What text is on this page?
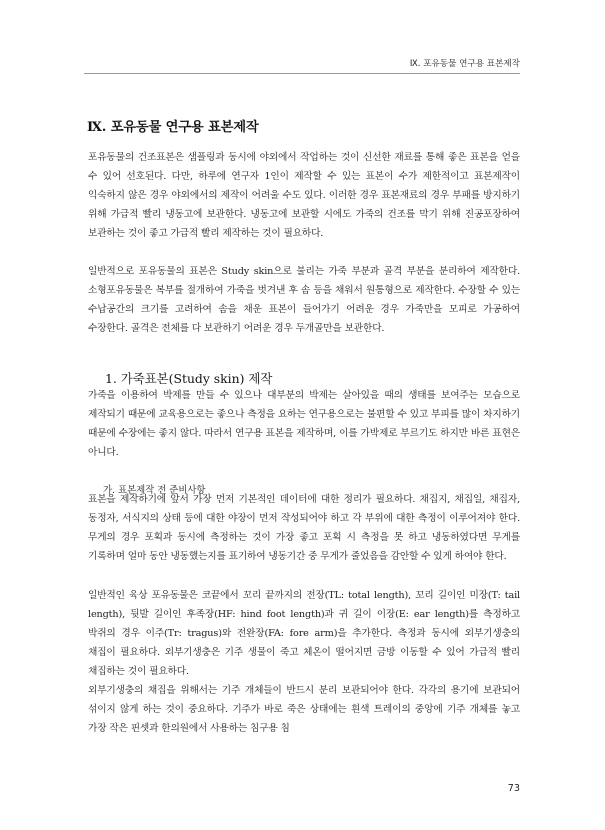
Ⅸ. 포유동물 연구용 표본제작
Ⅸ. 포유동물 연구용 표본제작

포유동물의 건조표본은 샘플링과 동시에 야외에서 작업하는 것이 신선한 재료를 통해 좋은 표본을 얻을 수 있어 선호된다. 다만, 하루에 연구자 1인이 제작할 수 있는 표본이 수가 제한적이고 표본제작이 익숙하지 않은 경우 야외에서의 제작이 어려울 수도 있다. 이러한 경우 표본재료의 경우 부패를 방지하기 위해 가급적 빨리 냉동고에 보관한다. 냉동고에 보관할 시에도 가죽의 건조를 막기 위해 진공포장하여 보관하는 것이 좋고 가급적 빨리 제작하는 것이 필요하다.

일반적으로 포유동물의 표본은 Study skin으로 불리는 가죽 부분과 골격 부분을 분리하여 제작한다. 소형포유동물은 복부를 절개하여 가죽을 벗겨낸 후 솜 등을 채워서 원통형으로 제작한다. 수장할 수 있는 수납공간의 크기를 고려하여 솜을 채운 표본이 들어가기 어려운 경우 가죽만을 모피로 가공하여 수장한다. 골격은 전체를 다 보관하기 어려운 경우 두개골만을 보관한다.

1. 가죽표본(Study skin) 제작

가죽을 이용하여 박제를 만들 수 있으나 대부분의 박제는 살아있을 때의 생태를 보여주는 모습으로 제작되기 때문에 교육용으로는 좋으나 측정을 요하는 연구용으로는 불편할 수 있고 부피를 많이 차지하기 때문에 수장에는 좋지 않다. 따라서 연구용 표본을 제작하며, 이를 가박제로 부르기도 하지만 바른 표현은 아니다.

가. 표본제작 전 준비사항

표본을 제작하기에 앞서 가장 먼저 기본적인 데이터에 대한 정리가 필요하다. 채집지, 채집일, 채집자, 동정자, 서식지의 상태 등에 대한 야장이 먼저 작성되어야 하고 각 부위에 대한 측정이 이루어져야 한다. 무게의 경우 포획과 동시에 측정하는 것이 가장 좋고 포획 시 측정을 못 하고 냉동하였다면 무게를 기록하며 얼마 동안 냉동했는지를 표기하여 냉동기간 중 무게가 줄었음을 감안할 수 있게 하여야 한다.

일반적인 육상 포유동물은 코끝에서 꼬리 끝까지의 전장(TL: total length), 꼬리 길이인 미장(T: tail length), 뒷발 길이인 후족장(HF: hind foot length)과 귀 길이 이장(E: ear length)를 측정하고 박쥐의 경우 이주(Tr: tragus)와 전완장(FA: fore arm)을 추가한다. 측정과 동시에 외부기생충의 채집이 필요하다. 외부기생충은 기주 생물이 죽고 체온이 떨어지면 금방 이동할 수 있어 가급적 빨리 채집하는 것이 필요하다.

외부기생충의 채집을 위해서는 기주 개체들이 반드시 분리 보관되어야 한다. 각각의 용기에 보관되어 섞이지 않게 하는 것이 중요하다. 기주가 바로 죽은 상태에는 흰색 트레이의 중앙에 기주 개체를 놓고 가장 작은 핀셋과 한의원에서 사용하는 침구용 침

73
